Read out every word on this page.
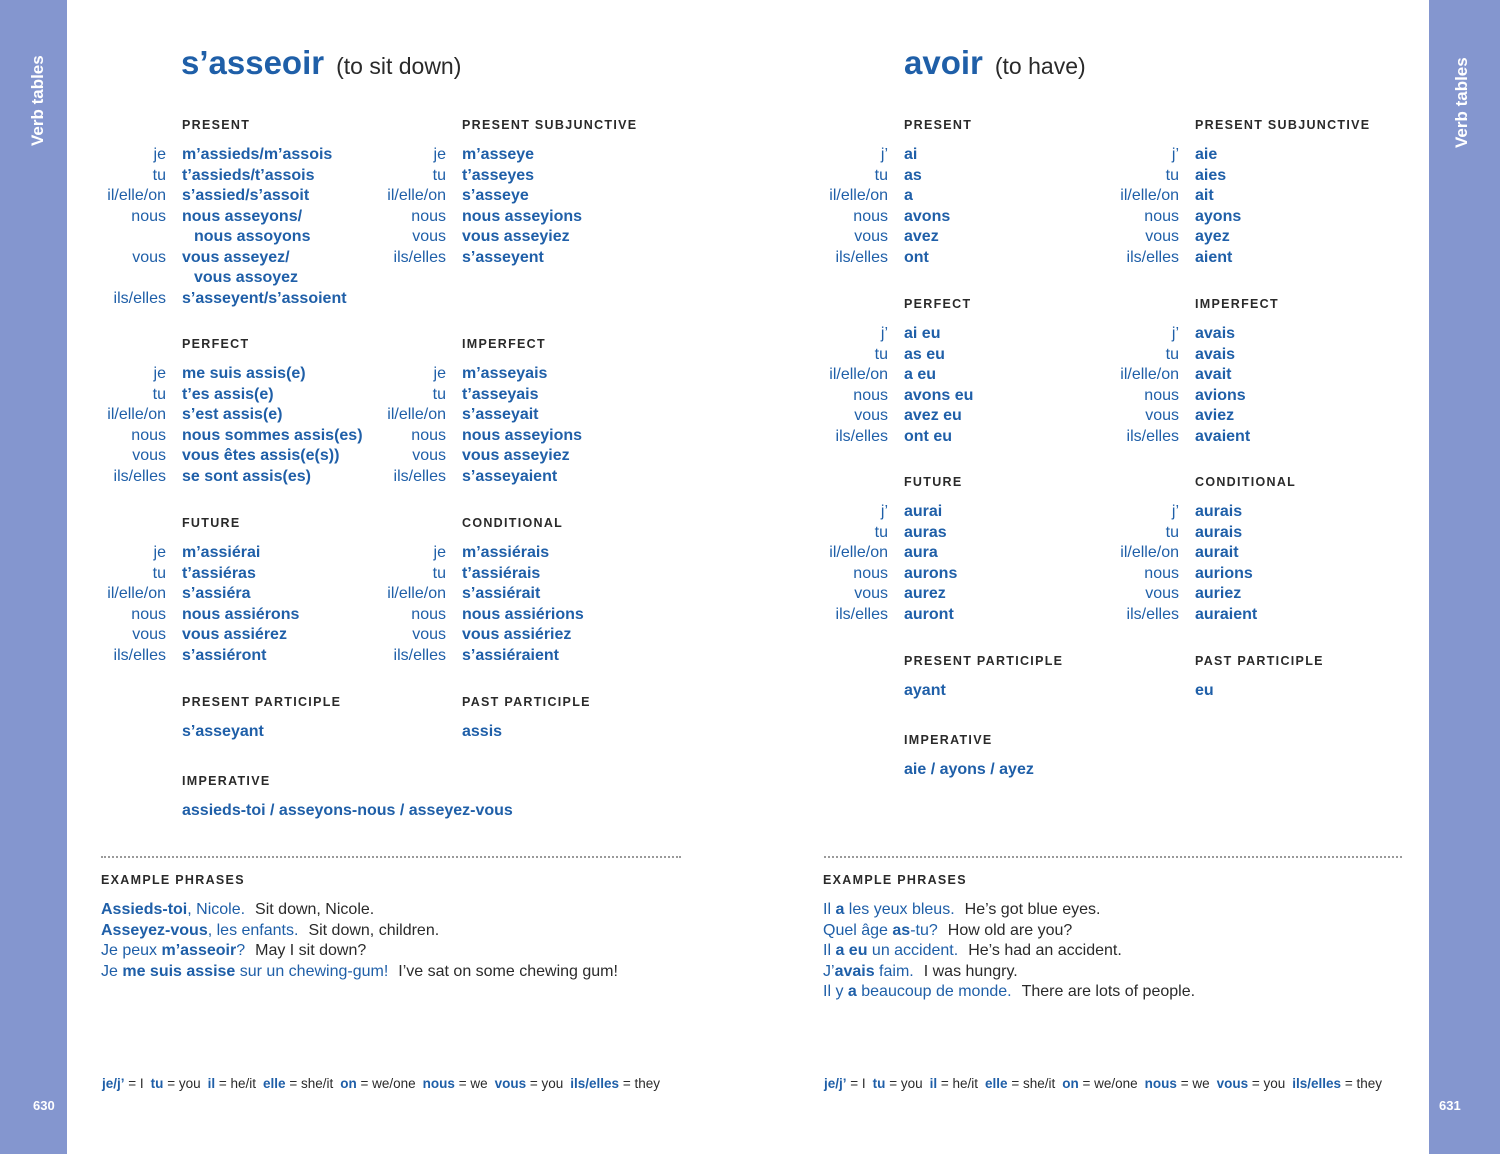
Verb tables
630	631
Verb tables
s’asseoir (to sit down)
PRESENT
je m’assieds/m’assois
tu t’assieds/t’assois
il/elle/on s’assied/s’assoit
nous nous asseyons/
nous assoyons
vous vous asseyez/
vous assoyez
ils/elles s’asseyent/s’assoient
PRESENT SUBJUNCTIVE
je m’asseye
tu t’asseyes
il/elle/on s’asseye
nous nous asseyions
vous vous asseyiez
ils/elles s’asseyent
PERFECT
je me suis assis(e)
tu t’es assis(e)
il/elle/on s’est assis(e)
nous nous sommes assis(es)
vous vous êtes assis(e(s))
ils/elles se sont assis(es)
IMPERFECT
je m’asseyais
tu t’asseyais
il/elle/on s’asseyait
nous nous asseyions
vous vous asseyiez
ils/elles s’asseyaient
FUTURE
je m’assiérai
tu t’assiéras
il/elle/on s’assiéra
nous nous assiérons
vous vous assiérez
ils/elles s’assiéront
CONDITIONAL
je m’assiérais
tu t’assiérais
il/elle/on s’assiérait
nous nous assiérions
vous vous assiériez
ils/elles s’assiéraient
PRESENT PARTICIPLE
s’asseyant
PAST PARTICIPLE
assis
IMPERATIVE
assieds-toi / asseyons-nous / asseyez-vous
EXAMPLE PHRASES
Assieds-toi, Nicole. Sit down, Nicole.
Asseyez-vous, les enfants. Sit down, children.
Je peux m’asseoir? May I sit down?
Je me suis assise sur un chewing-gum! I’ve sat on some chewing gum!
je/j’ = I tu = you il = he/it elle = she/it on = we/one nous = we vous = you ils/elles = they
avoir (to have)
PRESENT
j’ ai
tu as
il/elle/on a
nous avons
vous avez
ils/elles ont
PRESENT SUBJUNCTIVE
j’ aie
tu aies
il/elle/on ait
nous ayons
vous ayez
ils/elles aient
PERFECT
j’ ai eu
tu as eu
il/elle/on a eu
nous avons eu
vous avez eu
ils/elles ont eu
IMPERFECT
j’ avais
tu avais
il/elle/on avait
nous avions
vous aviez
ils/elles avaient
FUTURE
j’ aurai
tu auras
il/elle/on aura
nous aurons
vous aurez
ils/elles auront
CONDITIONAL
j’ aurais
tu aurais
il/elle/on aurait
nous aurions
vous auriez
ils/elles auraient
PRESENT PARTICIPLE
ayant
PAST PARTICIPLE
eu
IMPERATIVE
aie / ayons / ayez
EXAMPLE PHRASES
Il a les yeux bleus. He’s got blue eyes.
Quel âge as-tu? How old are you?
Il a eu un accident. He’s had an accident.
J’avais faim. I was hungry.
Il y a beaucoup de monde. There are lots of people.
je/j’ = I tu = you il = he/it elle = she/it on = we/one nous = we vous = you ils/elles = they
